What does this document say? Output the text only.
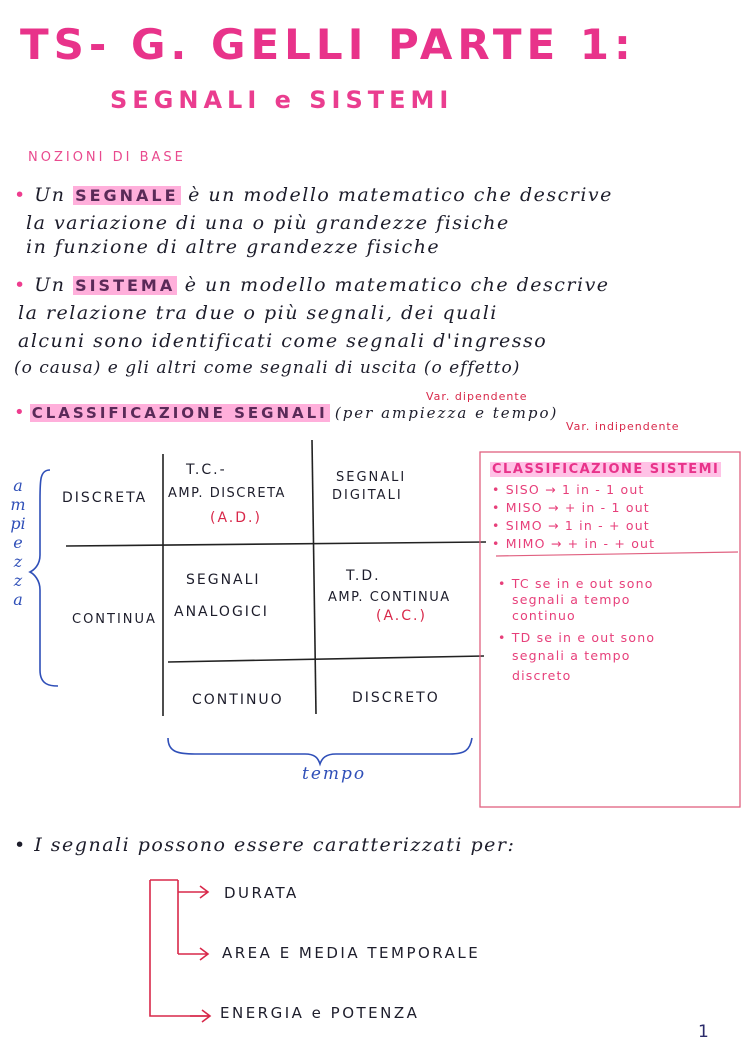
TS- G. GELLI PARTE 1:
SEGNALI e SISTEMI
NOZIONI DI BASE
• Un SEGNALE è un modello matematico che descrive
la variazione di una o più grandezze fisiche
in funzione di altre grandezze fisiche
• Un SISTEMA è un modello matematico che descrive
la relazione tra due o più segnali, dei quali
alcuni sono identificati come segnali d'ingresso
(o causa) e gli altri come segnali di uscita (o effetto)
• CLASSIFICAZIONE SEGNALI (per ampiezza e tempo)
Var. dipendente
Var. indipendente
ampiezza
DISCRETA
CONTINUA
T.C.-
AMP. DISCRETA
(A.D.)
SEGNALI
DIGITALI
SEGNALI
ANALOGICI
T.D.
AMP. CONTINUA
(A.C.)
CONTINUO	DISCRETO
tempo
CLASSIFICAZIONE SISTEMI
• SISO → 1 in - 1 out
• MISO → + in - 1 out
• SIMO → 1 in - + out
• MIMO → + in - + out
• TC se in e out sono
segnali a tempo
continuo
• TD se in e out sono
segnali a tempo
discreto
• I segnali possono essere caratterizzati per:
DURATA
AREA E MEDIA TEMPORALE
ENERGIA e POTENZA
1
